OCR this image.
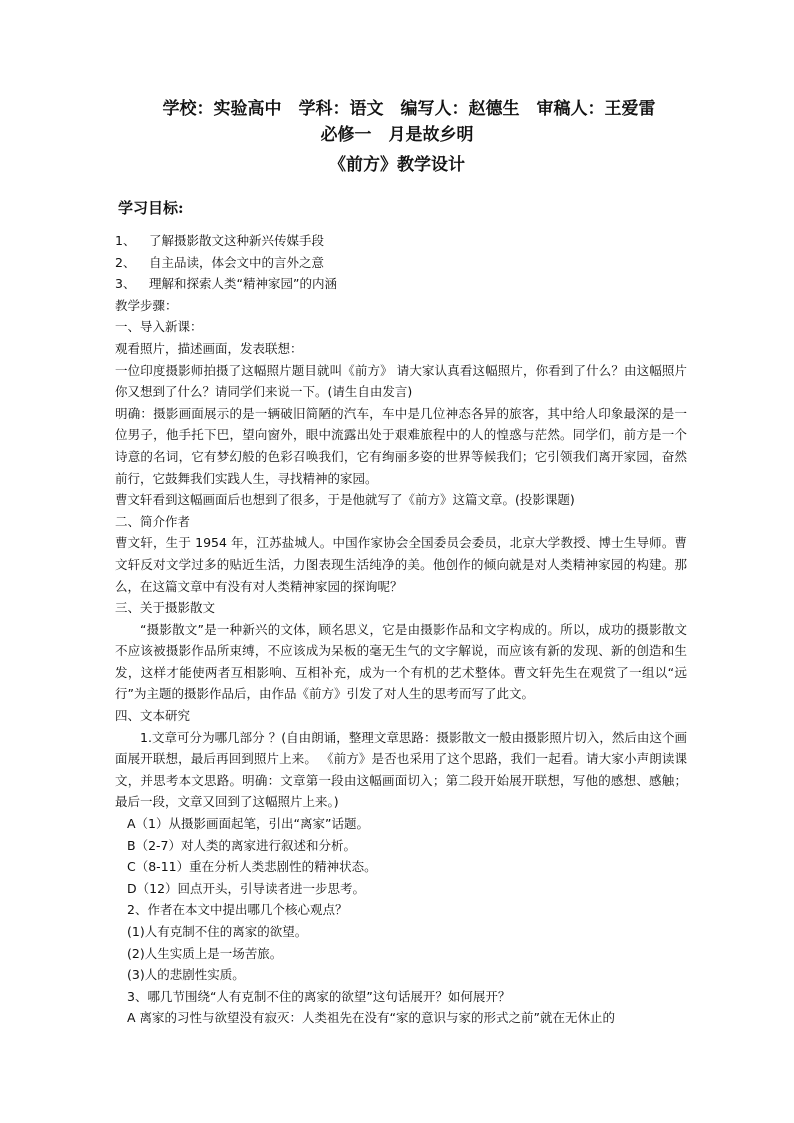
学校：实验高中　学科：语文　编写人：赵德生　审稿人：王爱雷
必修一　月是故乡明
《前方》教学设计
学习目标:

1、	了解摄影散文这种新兴传媒手段

2、	自主品读，体会文中的言外之意

3、	理解和探索人类“精神家园”的内涵

教学步骤：

一、导入新课：

观看照片，描述画面，发表联想：

一位印度摄影师拍摄了这幅照片题目就叫《前方》 请大家认真看这幅照片，你看到了什么？由这幅照片你又想到了什么？请同学们来说一下。(请生自由发言)

明确：摄影画面展示的是一辆破旧简陋的汽车，车中是几位神态各异的旅客，其中给人印象最深的是一位男子，他手托下巴，望向窗外，眼中流露出处于艰难旅程中的人的惶惑与茫然。同学们，前方是一个诗意的名词，它有梦幻般的色彩召唤我们，它有绚丽多姿的世界等候我们；它引领我们离开家园，奋然前行，它鼓舞我们实践人生，寻找精神的家园。

曹文轩看到这幅画面后也想到了很多，于是他就写了《前方》这篇文章。(投影课题)

二、简介作者

曹文轩，生于 1954 年，江苏盐城人。中国作家协会全国委员会委员，北京大学教授、博士生导师。曹文轩反对文学过多的贴近生活，力图表现生活纯净的美。他创作的倾向就是对人类精神家园的构建。那么，在这篇文章中有没有对人类精神家园的探询呢？

三、关于摄影散文

“摄影散文”是一种新兴的文体，顾名思义，它是由摄影作品和文字构成的。所以，成功的摄影散文不应该被摄影作品所束缚，不应该成为呆板的毫无生气的文字解说，而应该有新的发现、新的创造和生发，这样才能使两者互相影响、互相补充，成为一个有机的艺术整体。曹文轩先生在观赏了一组以“远行”为主题的摄影作品后，由作品《前方》引发了对人生的思考而写了此文。

四、文本研究

1.文章可分为哪几部分 ？(自由朗诵，整理文章思路：摄影散文一般由摄影照片切入，然后由这个画面展开联想，最后再回到照片上来。 《前方》是否也采用了这个思路，我们一起看。请大家小声朗读课文，并思考本文思路。明确：文章第一段由这幅画面切入；第二段开始展开联想，写他的感想、感触；最后一段，文章又回到了这幅照片上来。)

A（1）从摄影画面起笔，引出“离家”话题。

B（2-7）对人类的离家进行叙述和分析。

C（8-11）重在分析人类悲剧性的精神状态。

D（12）回点开头，引导读者进一步思考。

2、作者在本文中提出哪几个核心观点？

(1)人有克制不住的离家的欲望。

(2)人生实质上是一场苦旅。

(3)人的悲剧性实质。

3、哪几节围绕“人有克制不住的离家的欲望”这句话展开？如何展开？

A 离家的习性与欲望没有寂灭：人类祖先在没有“家的意识与家的形式之前”就在无休止的
